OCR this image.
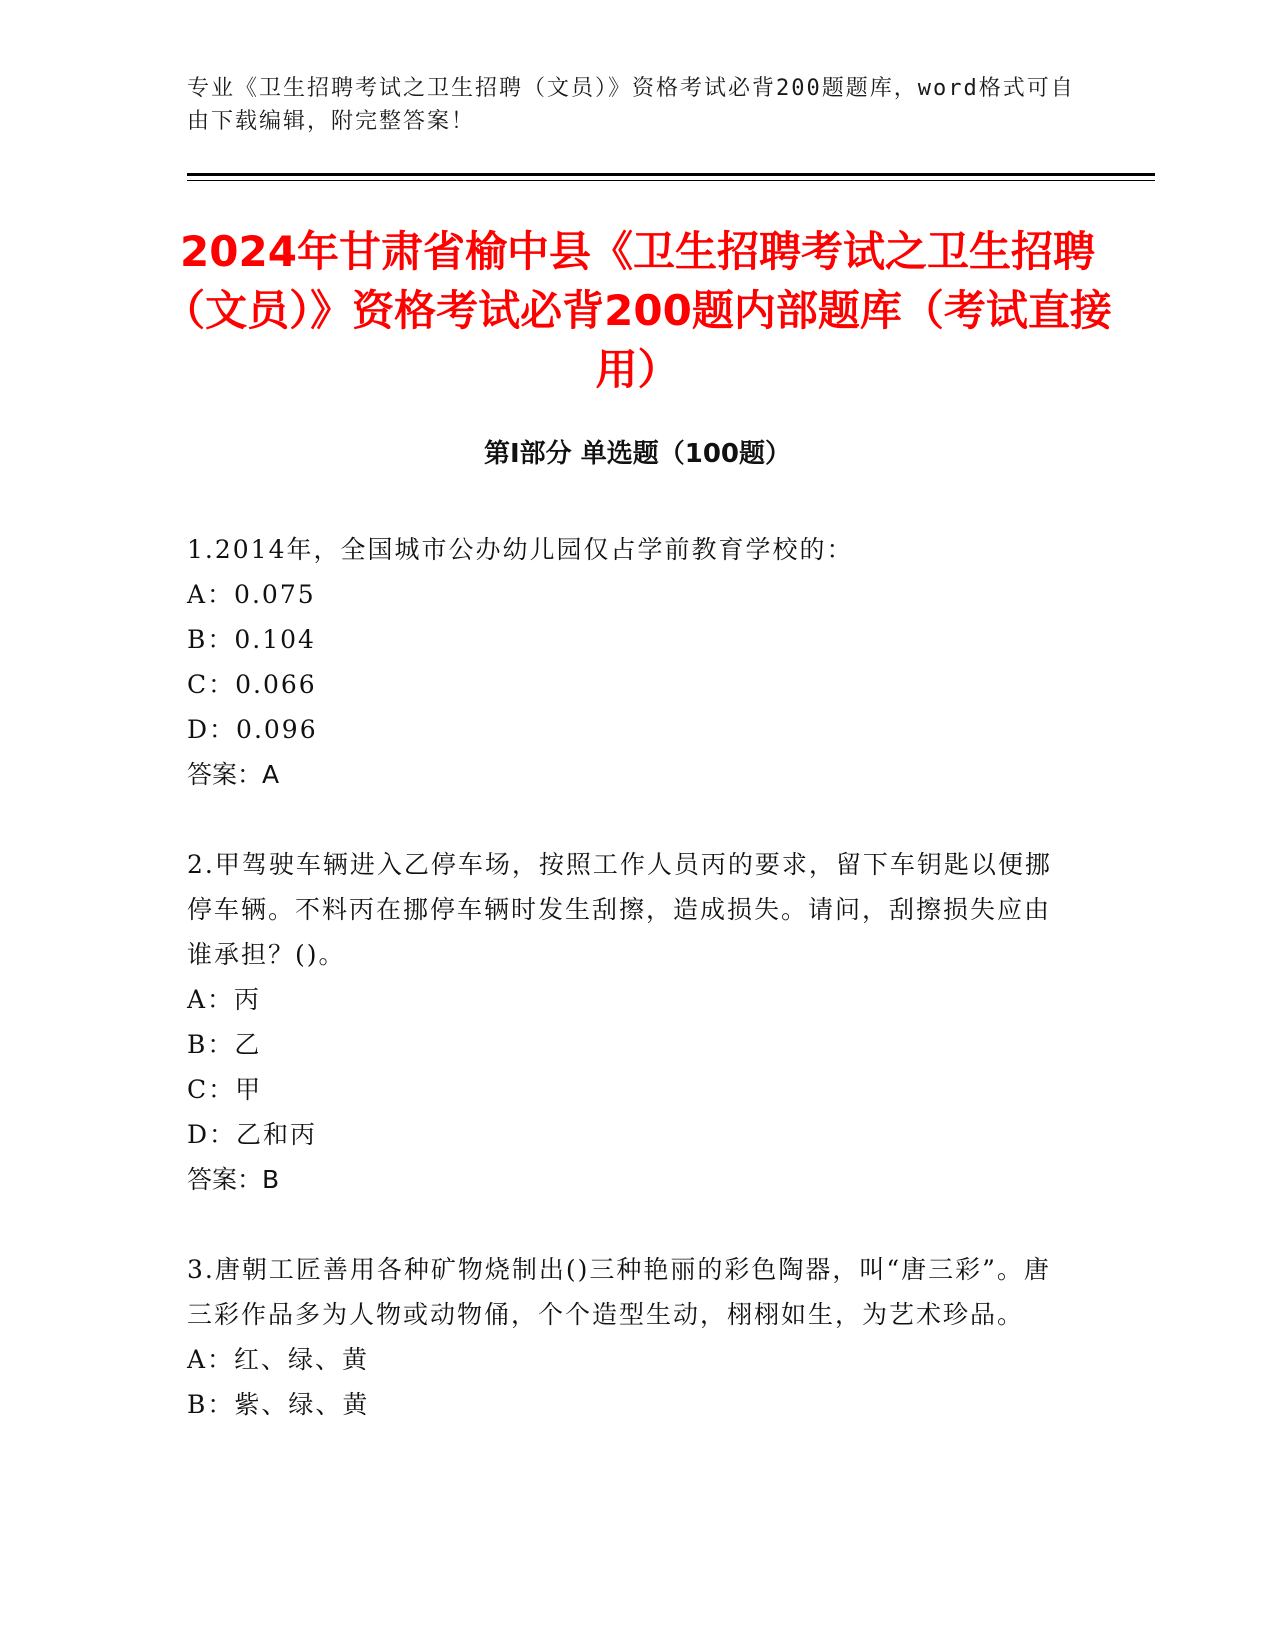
专业《卫生招聘考试之卫生招聘（文员）》资格考试必背200题题库，word格式可自由下载编辑，附完整答案！
2024年甘肃省榆中县《卫生招聘考试之卫生招聘（文员）》资格考试必背200题内部题库（考试直接用）
第I部分 单选题（100题）
1.2014年，全国城市公办幼儿园仅占学前教育学校的：
A：0.075
B：0.104
C：0.066
D：0.096
答案：A
2.甲驾驶车辆进入乙停车场，按照工作人员丙的要求，留下车钥匙以便挪停车辆。不料丙在挪停车辆时发生刮擦，造成损失。请问，刮擦损失应由谁承担？()。
A：丙
B：乙
C：甲
D：乙和丙
答案：B
3.唐朝工匠善用各种矿物烧制出()三种艳丽的彩色陶器，叫“唐三彩”。唐三彩作品多为人物或动物俑，个个造型生动，栩栩如生，为艺术珍品。
A：红、绿、黄
B：紫、绿、黄
